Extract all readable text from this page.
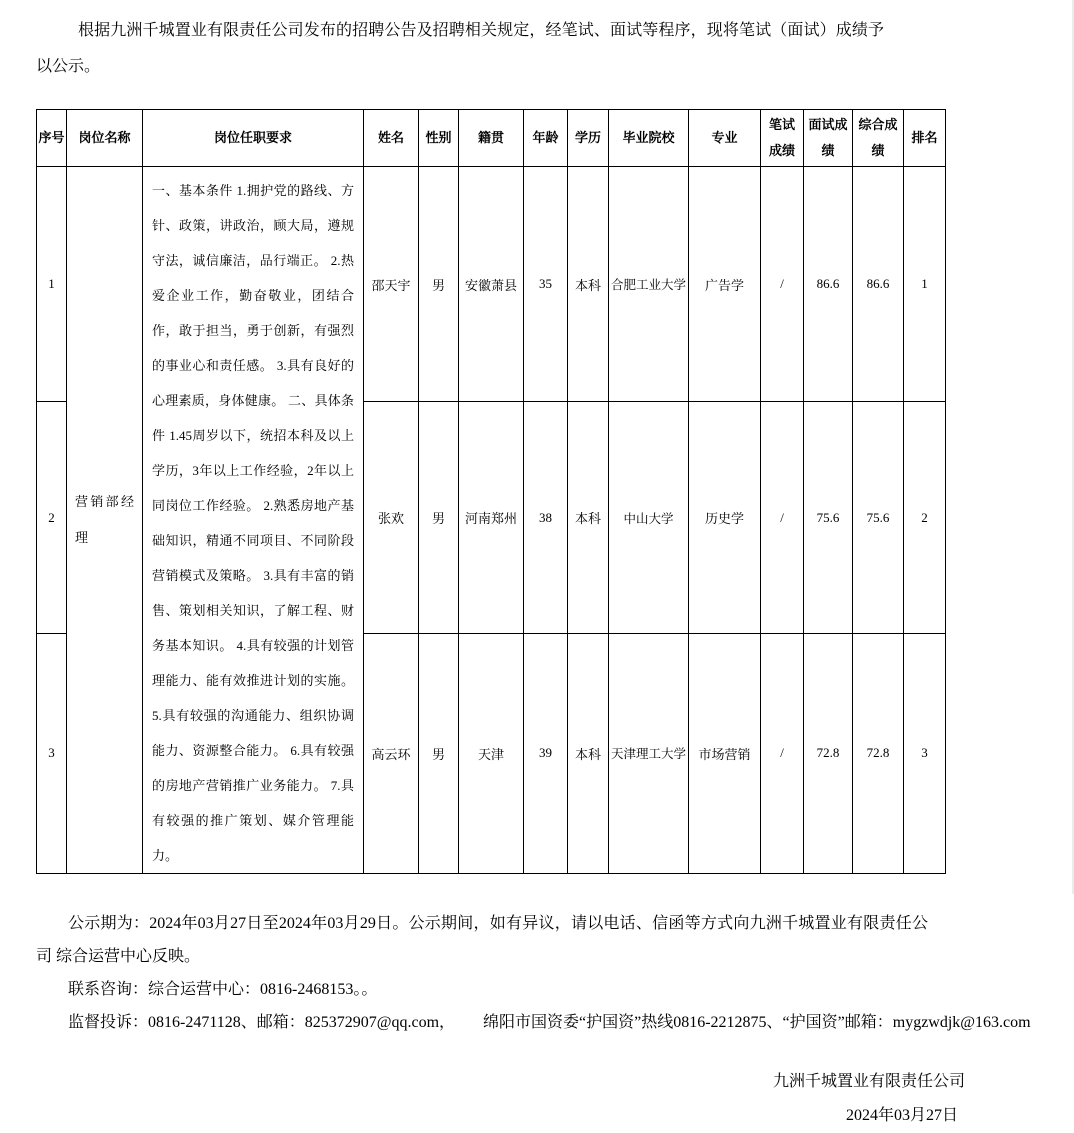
根据九洲千城置业有限责任公司发布的招聘公告及招聘相关规定，经笔试、面试等程序，现将笔试（面试）成绩予以公示。

序号	岗位名称	岗位任职要求	姓名	性别	籍贯	年龄	学历	毕业院校	专业	笔试成绩	面试成绩	综合成绩	排名
1	营销部经理	一、基本条件 1.拥护党的路线、方针、政策，讲政治，顾大局，遵规守法，诚信廉洁，品行端正。 2.热爱企业工作，勤奋敬业，团结合作，敢于担当，勇于创新，有强烈的事业心和责任感。 3.具有良好的心理素质，身体健康。 二、具体条件 1.45周岁以下，统招本科及以上学历，3年以上工作经验，2年以上同岗位工作经验。 2.熟悉房地产基础知识，精通不同项目、不同阶段营销模式及策略。 3.具有丰富的销售、策划相关知识，了解工程、财务基本知识。 4.具有较强的计划管理能力、能有效推进计划的实施。 5.具有较强的沟通能力、组织协调能力、资源整合能力。 6.具有较强的房地产营销推广业务能力。 7.具有较强的推广策划、媒介管理能力。	邵天宇	男	安徽萧县	35	本科	合肥工业大学	广告学	/	86.6	86.6	1
2			张欢	男	河南郑州	38	本科	中山大学	历史学	/	75.6	75.6	2
3			高云环	男	天津	39	本科	天津理工大学	市场营销	/	72.8	72.8	3

公示期为：2024年03月27日至2024年03月29日。公示期间，如有异议，请以电话、信函等方式向九洲千城置业有限责任公司 综合运营中心反映。

联系咨询：综合运营中心：0816-2468153。。

监督投诉：0816-2471128、邮箱：825372907@qq.com，　　 绵阳市国资委“护国资”热线0816-2212875、“护国资”邮箱：mygzwdjk@163.com

九洲千城置业有限责任公司

2024年03月27日
